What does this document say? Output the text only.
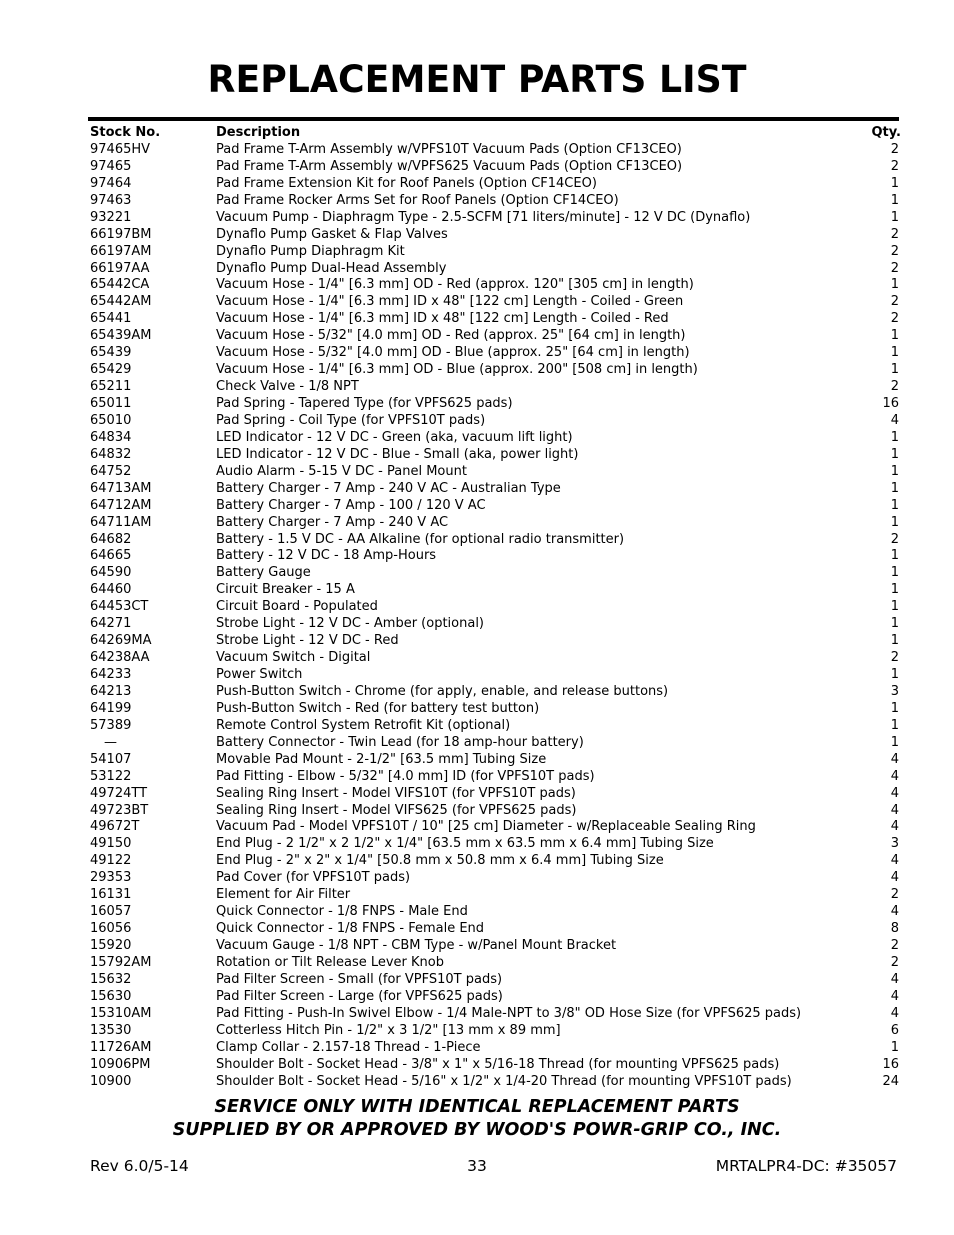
REPLACEMENT PARTS LIST
Stock No.	Description	Qty.
97465HV	Pad Frame T-Arm Assembly w/VPFS10T Vacuum Pads (Option CF13CEO)	2
97465	Pad Frame T-Arm Assembly w/VPFS625 Vacuum Pads (Option CF13CEO)	2
97464	Pad Frame Extension Kit for Roof Panels (Option CF14CEO)	1
97463	Pad Frame Rocker Arms Set for Roof Panels (Option CF14CEO)	1
93221	Vacuum Pump - Diaphragm Type - 2.5-SCFM [71 liters/minute] - 12 V DC (Dynaflo)	1
66197BM	Dynaflo Pump Gasket & Flap Valves	2
66197AM	Dynaflo Pump Diaphragm Kit	2
66197AA	Dynaflo Pump Dual-Head Assembly	2
65442CA	Vacuum Hose - 1/4" [6.3 mm] OD - Red (approx. 120" [305 cm] in length)	1
65442AM	Vacuum Hose - 1/4" [6.3 mm] ID x 48" [122 cm] Length - Coiled - Green	2
65441	Vacuum Hose - 1/4" [6.3 mm] ID x 48" [122 cm] Length - Coiled - Red	2
65439AM	Vacuum Hose - 5/32" [4.0 mm] OD - Red (approx. 25" [64 cm] in length)	1
65439	Vacuum Hose - 5/32" [4.0 mm] OD - Blue (approx. 25" [64 cm] in length)	1
65429	Vacuum Hose - 1/4" [6.3 mm] OD - Blue (approx. 200" [508 cm] in length)	1
65211	Check Valve - 1/8 NPT	2
65011	Pad Spring - Tapered Type (for VPFS625 pads)	16
65010	Pad Spring - Coil Type (for VPFS10T pads)	4
64834	LED Indicator - 12 V DC - Green (aka, vacuum lift light)	1
64832	LED Indicator - 12 V DC - Blue - Small (aka, power light)	1
64752	Audio Alarm - 5-15 V DC - Panel Mount	1
64713AM	Battery Charger - 7 Amp - 240 V AC - Australian Type	1
64712AM	Battery Charger - 7 Amp - 100 / 120 V AC	1
64711AM	Battery Charger - 7 Amp - 240 V AC	1
64682	Battery - 1.5 V DC - AA Alkaline (for optional radio transmitter)	2
64665	Battery - 12 V DC - 18 Amp-Hours	1
64590	Battery Gauge	1
64460	Circuit Breaker - 15 A	1
64453CT	Circuit Board - Populated	1
64271	Strobe Light - 12 V DC - Amber (optional)	1
64269MA	Strobe Light - 12 V DC - Red	1
64238AA	Vacuum Switch - Digital	2
64233	Power Switch	1
64213	Push-Button Switch - Chrome (for apply, enable, and release buttons)	3
64199	Push-Button Switch - Red (for battery test button)	1
57389	Remote Control System Retrofit Kit (optional)	1
—	Battery Connector - Twin Lead (for 18 amp-hour battery)	1
54107	Movable Pad Mount - 2-1/2" [63.5 mm] Tubing Size	4
53122	Pad Fitting - Elbow - 5/32" [4.0 mm] ID (for VPFS10T pads)	4
49724TT	Sealing Ring Insert - Model VIFS10T (for VPFS10T pads)	4
49723BT	Sealing Ring Insert - Model VIFS625 (for VPFS625 pads)	4
49672T	Vacuum Pad - Model VPFS10T / 10" [25 cm] Diameter - w/Replaceable Sealing Ring	4
49150	End Plug - 2 1/2" x 2 1/2" x 1/4" [63.5 mm x 63.5 mm x 6.4 mm] Tubing Size	3
49122	End Plug - 2" x 2" x 1/4" [50.8 mm x 50.8 mm x 6.4 mm] Tubing Size	4
29353	Pad Cover (for VPFS10T pads)	4
16131	Element for Air Filter	2
16057	Quick Connector - 1/8 FNPS - Male End	4
16056	Quick Connector - 1/8 FNPS - Female End	8
15920	Vacuum Gauge - 1/8 NPT - CBM Type - w/Panel Mount Bracket	2
15792AM	Rotation or Tilt Release Lever Knob	2
15632	Pad Filter Screen - Small (for VPFS10T pads)	4
15630	Pad Filter Screen - Large (for VPFS625 pads)	4
15310AM	Pad Fitting - Push-In Swivel Elbow - 1/4 Male-NPT to 3/8" OD Hose Size (for VPFS625 pads)	4
13530	Cotterless Hitch Pin - 1/2" x 3 1/2" [13 mm x 89 mm]	6
11726AM	Clamp Collar - 2.157-18 Thread - 1-Piece	1
10906PM	Shoulder Bolt - Socket Head - 3/8" x 1" x 5/16-18 Thread (for mounting VPFS625 pads)	16
10900	Shoulder Bolt - Socket Head - 5/16" x 1/2" x 1/4-20 Thread (for mounting VPFS10T pads)	24
SERVICE ONLY WITH IDENTICAL REPLACEMENT PARTS
SUPPLIED BY OR APPROVED BY WOOD'S POWR-GRIP CO., INC.
Rev 6.0/5-14	33	MRTALPR4-DC: #35057
